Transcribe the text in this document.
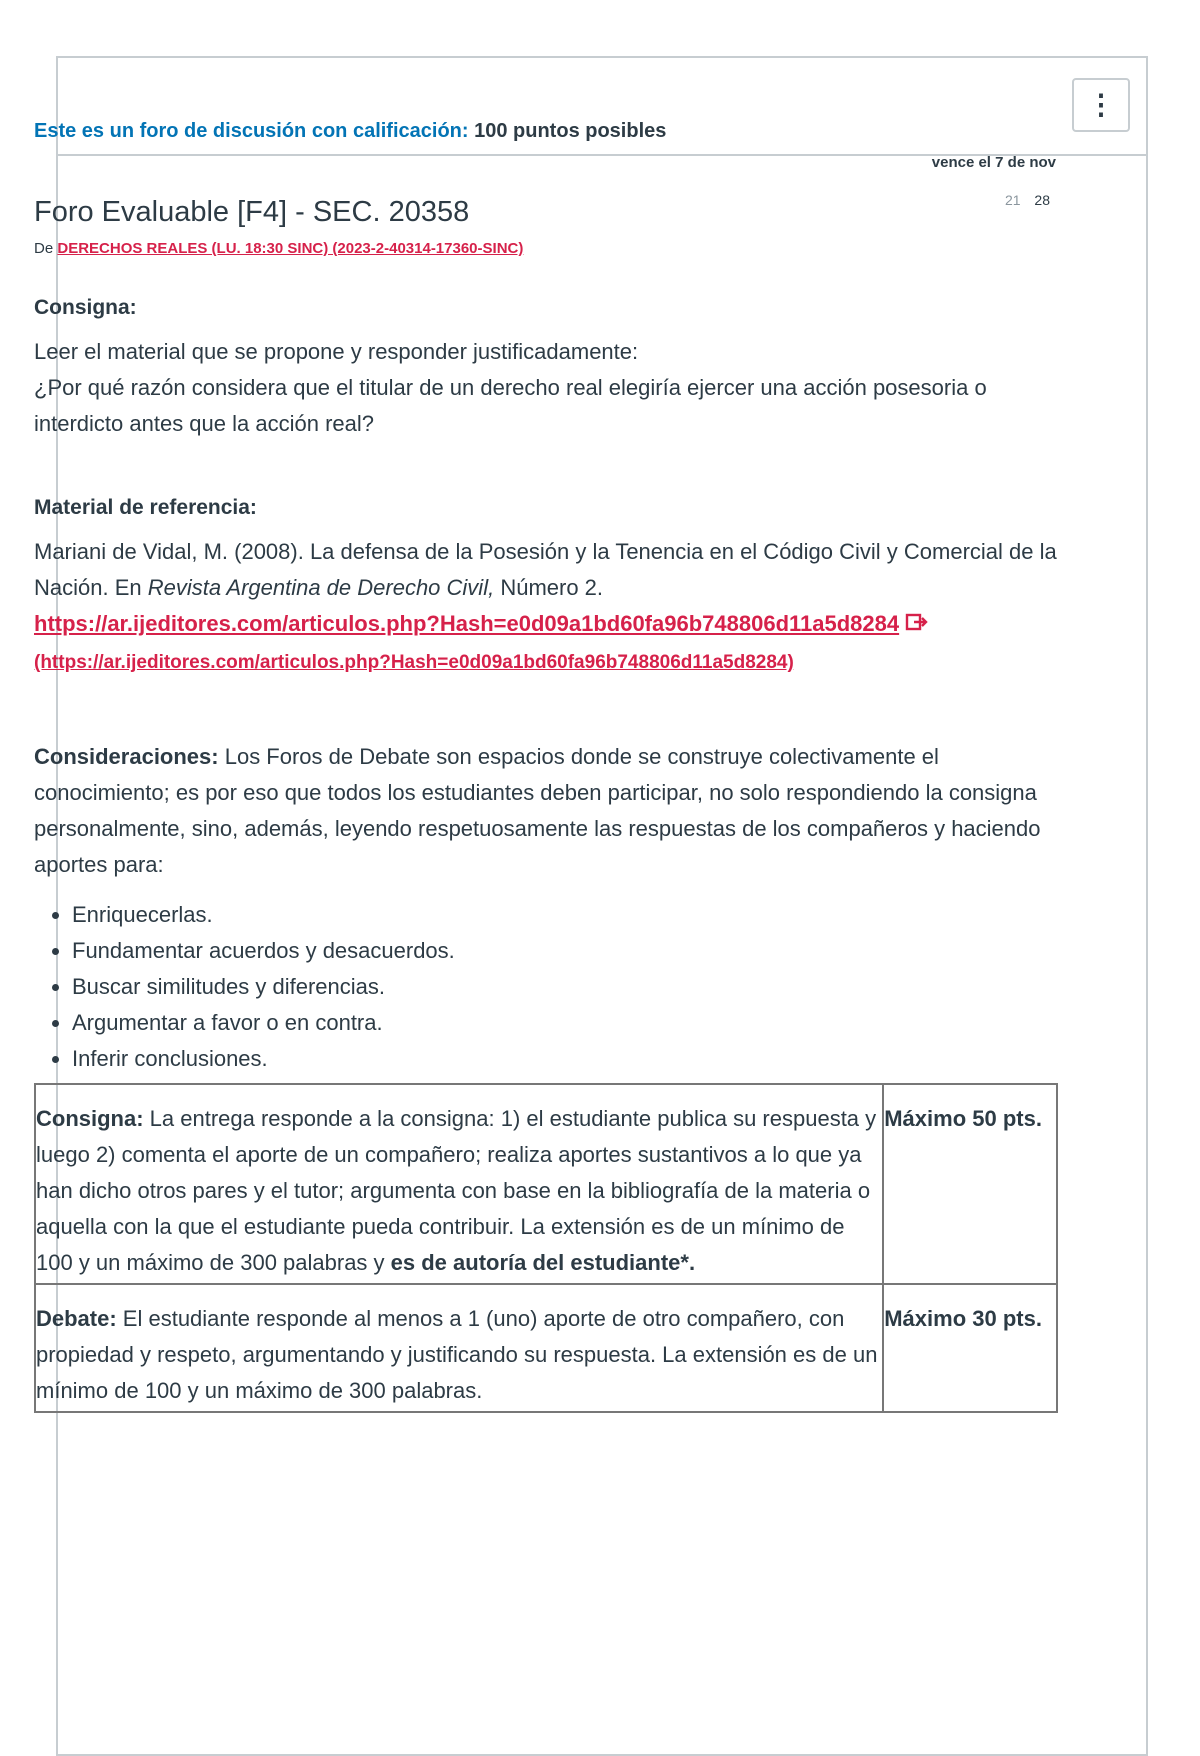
⋮
Este es un foro de discusión con calificación: 100 puntos posibles
vence el 7 de nov
Foro Evaluable [F4] - SEC. 20358	21 28
De DERECHOS REALES (LU. 18:30 SINC) (2023-2-40314-17360-SINC)
Consigna:

Leer el material que se propone y responder justificadamente:
¿Por qué razón considera que el titular de un derecho real elegiría ejercer una acción posesoria o interdicto antes que la acción real?

Material de referencia:

Mariani de Vidal, M. (2008). La defensa de la Posesión y la Tenencia en el Código Civil y Comercial de la Nación. En Revista Argentina de Derecho Civil, Número 2.
https://ar.ijeditores.com/articulos.php?Hash=e0d09a1bd60fa96b748806d11a5d8284
(https://ar.ijeditores.com/articulos.php?Hash=e0d09a1bd60fa96b748806d11a5d8284)

Consideraciones: Los Foros de Debate son espacios donde se construye colectivamente el conocimiento; es por eso que todos los estudiantes deben participar, no solo respondiendo la consigna personalmente, sino, además, leyendo respetuosamente las respuestas de los compañeros y haciendo aportes para:

• Enriquecerlas.
• Fundamentar acuerdos y desacuerdos.
• Buscar similitudes y diferencias.
• Argumentar a favor o en contra.
• Inferir conclusiones.
Consigna: La entrega responde a la consigna: 1) el estudiante publica su respuesta y luego 2) comenta el aporte de un compañero; realiza aportes sustantivos a lo que ya han dicho otros pares y el tutor; argumenta con base en la bibliografía de la materia o aquella con la que el estudiante pueda contribuir. La extensión es de un mínimo de 100 y un máximo de 300 palabras y es de autoría del estudiante*.	Máximo 50 pts.
Debate: El estudiante responde al menos a 1 (uno) aporte de otro compañero, con propiedad y respeto, argumentando y justificando su respuesta. La extensión es de un mínimo de 100 y un máximo de 300 palabras.	Máximo 30 pts.
